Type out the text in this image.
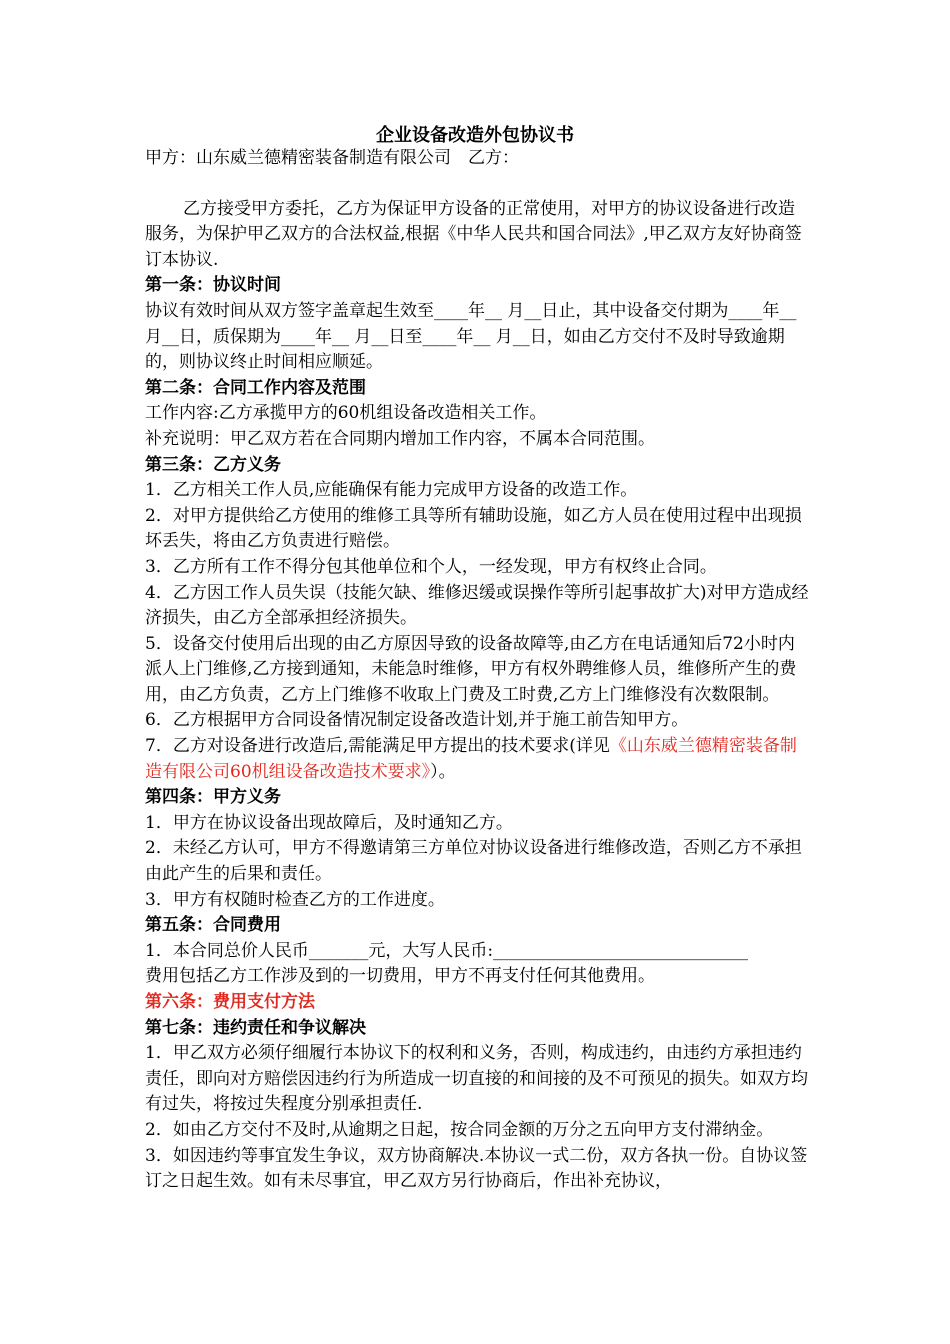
企业设备改造外包协议书

甲方：山东威兰德精密装备制造有限公司　乙方：

乙方接受甲方委托，乙方为保证甲方设备的正常使用，对甲方的协议设备进行改造服务，为保护甲乙双方的合法权益,根据《中华人民共和国合同法》,甲乙双方友好协商签订本协议.

第一条：协议时间

协议有效时间从双方签字盖章起生效至____年__ 月__日止，其中设备交付期为____年__ 月__日，质保期为____年__ 月__日至____年__ 月__日，如由乙方交付不及时导致逾期的，则协议终止时间相应顺延。

第二条：合同工作内容及范围

工作内容:乙方承揽甲方的60机组设备改造相关工作。

补充说明：甲乙双方若在合同期内增加工作内容，不属本合同范围。

第三条：乙方义务

1．乙方相关工作人员,应能确保有能力完成甲方设备的改造工作。

2．对甲方提供给乙方使用的维修工具等所有辅助设施，如乙方人员在使用过程中出现损坏丢失，将由乙方负责进行赔偿。

3．乙方所有工作不得分包其他单位和个人，一经发现，甲方有权终止合同。

4．乙方因工作人员失误（技能欠缺、维修迟缓或误操作等所引起事故扩大)对甲方造成经济损失，由乙方全部承担经济损失。

5．设备交付使用后出现的由乙方原因导致的设备故障等,由乙方在电话通知后72小时内派人上门维修,乙方接到通知，未能急时维修，甲方有权外聘维修人员，维修所产生的费用，由乙方负责，乙方上门维修不收取上门费及工时费,乙方上门维修没有次数限制。

6．乙方根据甲方合同设备情况制定设备改造计划,并于施工前告知甲方。

7．乙方对设备进行改造后,需能满足甲方提出的技术要求(详见《山东威兰德精密装备制造有限公司60机组设备改造技术要求》）。

第四条：甲方义务

1．甲方在协议设备出现故障后，及时通知乙方。

2．未经乙方认可，甲方不得邀请第三方单位对协议设备进行维修改造，否则乙方不承担由此产生的后果和责任。

3．甲方有权随时检查乙方的工作进度。

第五条：合同费用

1．本合同总价人民币_______元，大写人民币:______________________________

费用包括乙方工作涉及到的一切费用，甲方不再支付任何其他费用。

第六条：费用支付方法

第七条：违约责任和争议解决

1．甲乙双方必须仔细履行本协议下的权利和义务，否则，构成违约，由违约方承担违约责任，即向对方赔偿因违约行为所造成一切直接的和间接的及不可预见的损失。如双方均有过失，将按过失程度分别承担责任.

2．如由乙方交付不及时,从逾期之日起，按合同金额的万分之五向甲方支付滞纳金。

3．如因违约等事宜发生争议，双方协商解决.本协议一式二份，双方各执一份。自协议签订之日起生效。如有未尽事宜，甲乙双方另行协商后，作出补充协议，
